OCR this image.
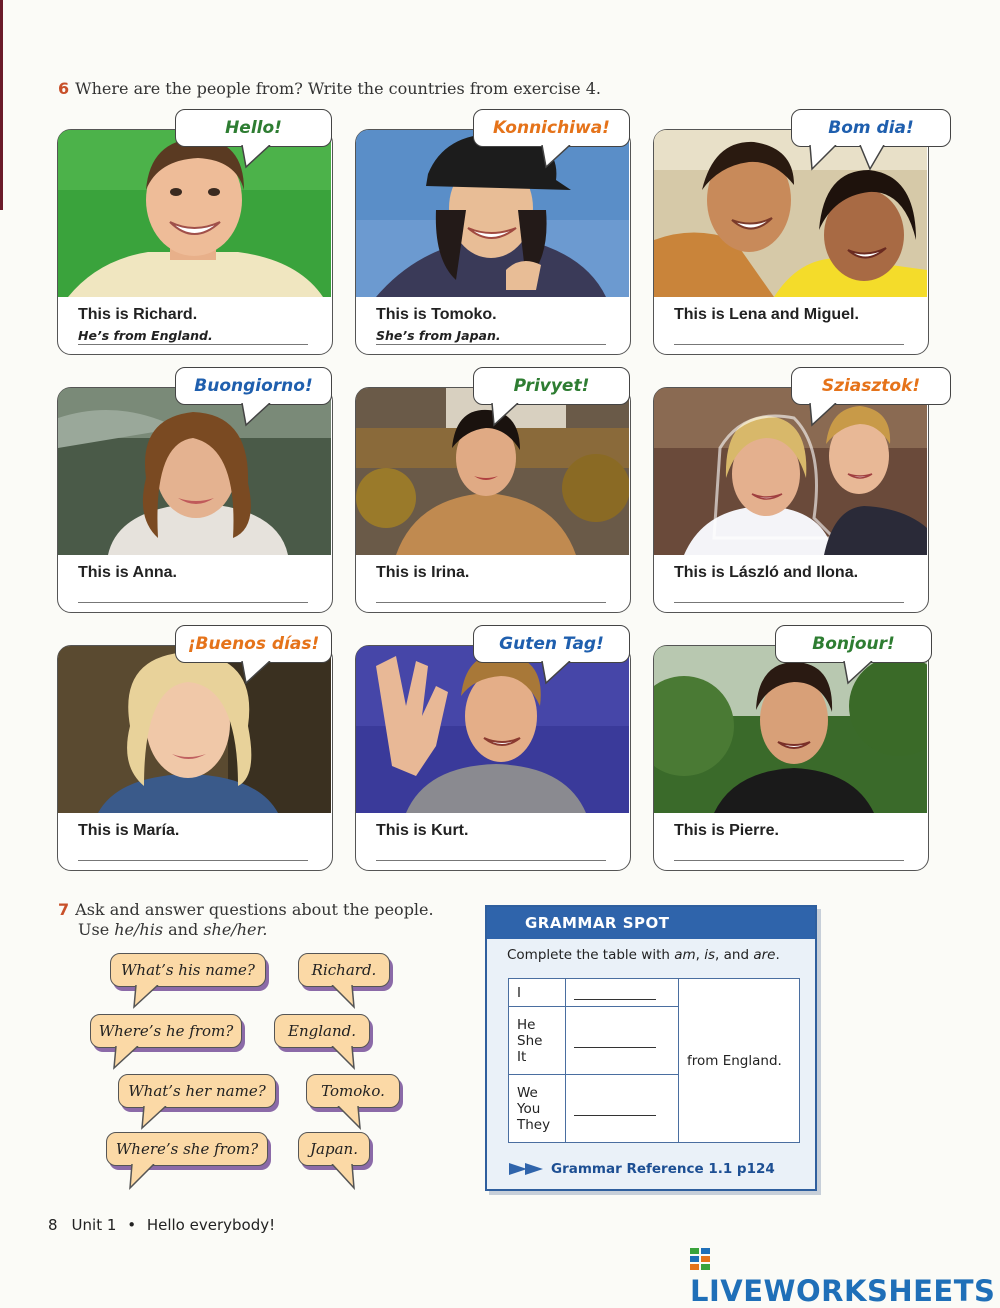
6 Where are the people from? Write the countries from exercise 4.
This is Richard.
He’s from England.
Hello!
This is Tomoko.
She’s from Japan.
Konnichiwa!
This is Lena and Miguel.
Bom dia!
This is Anna.
Buongiorno!
This is Irina.
Privyet!
This is László and Ilona.
Sziasztok!
This is María.
¡Buenos días!
This is Kurt.
Guten Tag!
This is Pierre.
Bonjour!
7 Ask and answer questions about the people.
Use he/his and she/her.
What’s his name?	Richard.
Where’s he from?	England.
What’s her name?	Tomoko.
Where’s she from?	Japan.
GRAMMAR SPOT
Complete the table with am, is, and are.
I		from England.
He
She
It		

We
You
They		
Grammar Reference 1.1 p124
8 Unit 1 • Hello everybody!
LIVEWORKSHEETS
